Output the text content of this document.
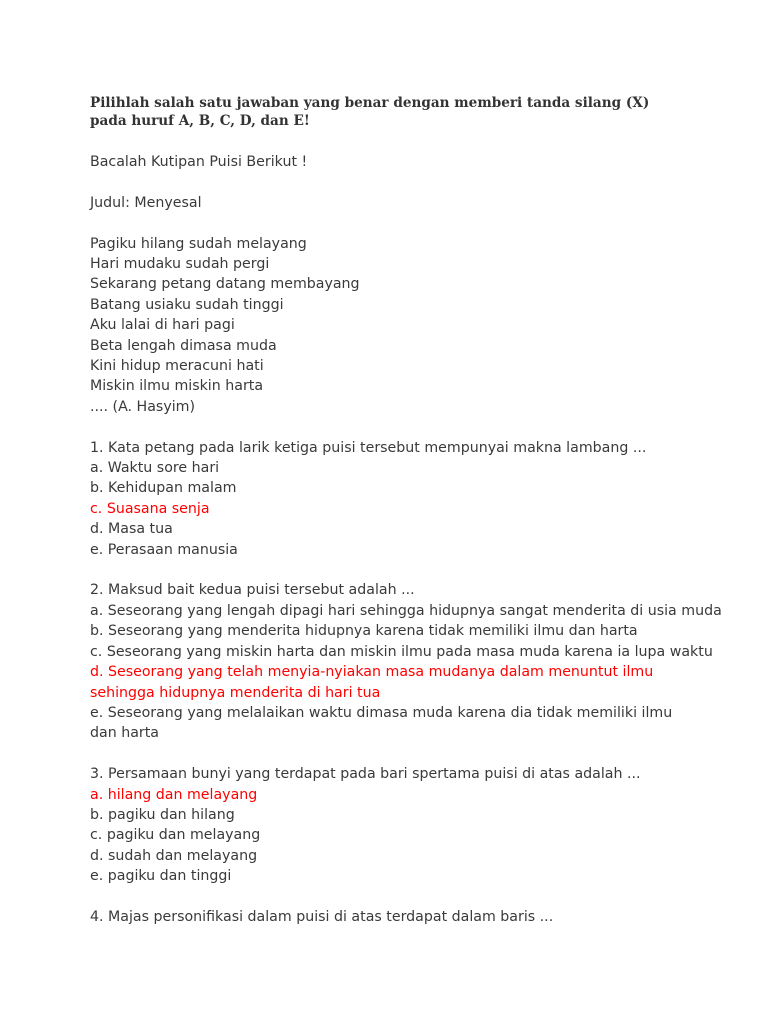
Pilihlah salah satu jawaban yang benar dengan memberi tanda silang (X) pada huruf A, B, C, D, dan E!

Bacalah Kutipan Puisi Berikut !
Judul: Menyesal
Pagiku hilang sudah melayang
Hari mudaku sudah pergi
Sekarang petang datang membayang
Batang usiaku sudah tinggi
Aku lalai di hari pagi
Beta lengah dimasa muda
Kini hidup meracuni hati
Miskin ilmu miskin harta
.... (A. Hasyim)
1. Kata petang pada larik ketiga puisi tersebut mempunyai makna lambang ...
a. Waktu sore hari
b. Kehidupan malam
c. Suasana senja
d. Masa tua
e. Perasaan manusia
2. Maksud bait kedua puisi tersebut adalah ...
a. Seseorang yang lengah dipagi hari sehingga hidupnya sangat menderita di usia muda
b. Seseorang yang menderita hidupnya karena tidak memiliki ilmu dan harta
c. Seseorang yang miskin harta dan miskin ilmu pada masa muda karena ia lupa waktu
d. Seseorang yang telah menyia-nyiakan masa mudanya dalam menuntut ilmu sehingga hidupnya menderita di hari tua
e. Seseorang yang melalaikan waktu dimasa muda karena dia tidak memiliki ilmu dan harta
3. Persamaan bunyi yang terdapat pada bari spertama puisi di atas adalah ...
a. hilang dan melayang
b. pagiku dan hilang
c. pagiku dan melayang
d. sudah dan melayang
e. pagiku dan tinggi
4. Majas personifikasi dalam puisi di atas terdapat dalam baris ...
